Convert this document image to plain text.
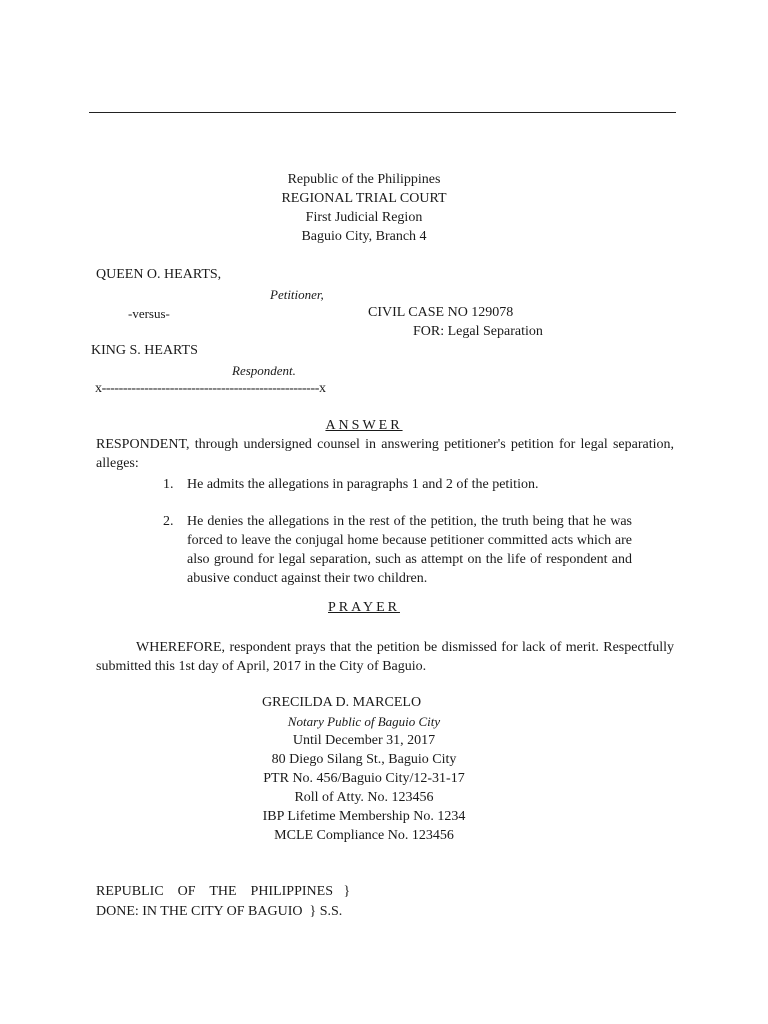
Republic of the Philippines
REGIONAL TRIAL COURT
First Judicial Region
Baguio City, Branch 4
QUEEN O. HEARTS,
Petitioner,
-versus-	CIVIL CASE NO 129078
FOR: Legal Separation
KING S. HEARTS
Respondent.
x---------------------------------------------------x
ANSWER
RESPONDENT, through undersigned counsel in answering petitioner's petition for legal separation, alleges:
1. He admits the allegations in paragraphs 1 and 2 of the petition.
2. He denies the allegations in the rest of the petition, the truth being that he was forced to leave the conjugal home because petitioner committed acts which are also ground for legal separation, such as attempt on the life of respondent and abusive conduct against their two children.
PRAYER
WHEREFORE, respondent prays that the petition be dismissed for lack of merit. Respectfully submitted this 1st day of April, 2017 in the City of Baguio.
GRECILDA D. MARCELO
Notary Public of Baguio City
Until December 31, 2017
80 Diego Silang St., Baguio City
PTR No. 456/Baguio City/12-31-17
Roll of Atty. No. 123456
IBP Lifetime Membership No. 1234
MCLE Compliance No. 123456
REPUBLIC    OF    THE    PHILIPPINES   }
DONE: IN THE CITY OF BAGUIO  } S.S.
